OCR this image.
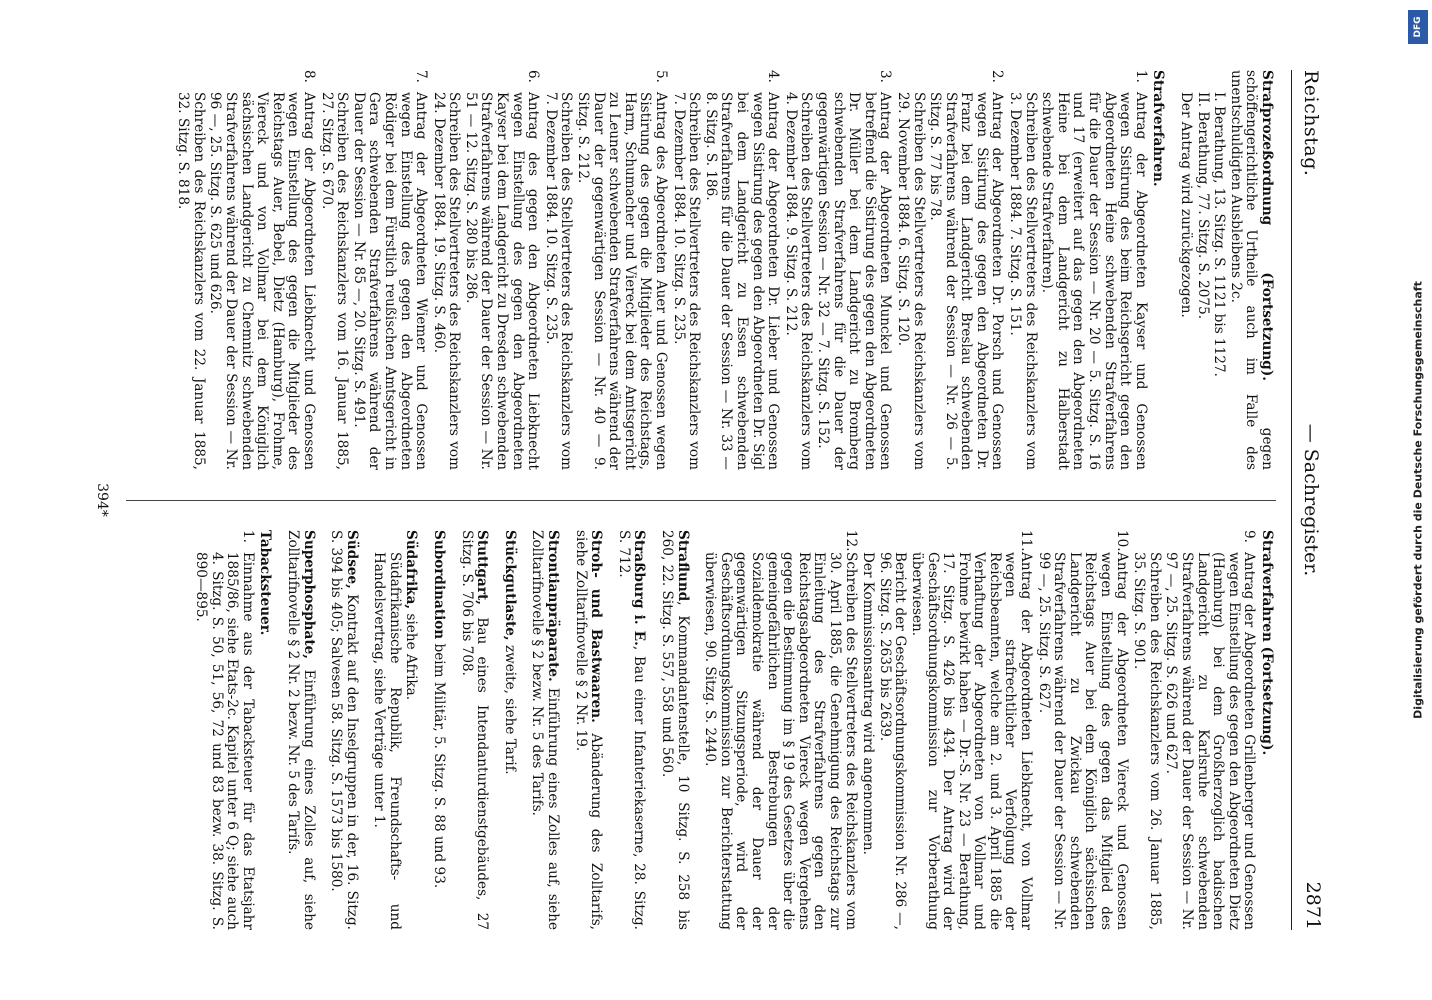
Reichstag.
— Sachregister.
2871
Strafprozeßordnung (Fortsetzung). gegen schöffengerichtliche Urtheile auch im Falle des unentschuldigten Ausbleibens 2c.
I. Berathung, 13. Sitzg. S. 1121 bis 1127.
II. Berathung, 77. Sitzg. S. 2075.
Der Antrag wird zurückgezogen.
Strafverfahren.
1.Antrag der Abgeordneten Kayser und Genossen wegen Sistirung des beim Reichsgericht gegen den Abgeordneten Heine schwebenden Strafverfahrens für die Dauer der Session — Nr. 20 — 5. Sitzg. S. 16 und 17 (erweitert auf das gegen den Abgeordneten Heine bei dem Landgericht zu Halberstadt schwebende Strafverfahren).
Schreiben des Stellvertreters des Reichskanzlers vom 3. Dezember 1884. 7. Sitzg. S. 151.
2.Antrag der Abgeordneten Dr. Porsch und Genossen wegen Sistirung des gegen den Abgeordneten Dr. Franz bei dem Landgericht Breslau schwebenden Strafverfahrens während der Session — Nr. 26 — 5. Sitzg. S. 77 bis 78.
Schreiben des Stellvertreters des Reichskanzlers vom 29. November 1884. 6. Sitzg. S. 120.
3.Antrag der Abgeordneten Munckel und Genossen betreffend die Sistirung des gegen den Abgeordneten Dr. Müller bei dem Landgericht zu Bromberg schwebenden Strafverfahrens für die Dauer der gegenwärtigen Session — Nr. 32 — 7. Sitzg. S. 152.
Schreiben des Stellvertreters des Reichskanzlers vom 4. Dezember 1884. 9. Sitzg. S. 212.
4.Antrag der Abgeordneten Dr. Lieber und Genossen wegen Sistirung des gegen den Abgeordneten Dr. Sigl bei dem Landgericht zu Essen schwebenden Strafverfahrens für die Dauer der Session — Nr. 33 — 8. Sitzg. S. 186.
Schreiben des Stellvertreters des Reichskanzlers vom 7. Dezember 1884. 10. Sitzg. S. 235.
5.Antrag des Abgeordneten Auer und Genossen wegen Sistirung des gegen die Mitglieder des Reichstags, Harm, Schumacher und Viereck bei dem Amtsgericht zu Leuner schwebenden Strafverfahrens während der Dauer der gegenwärtigen Session — Nr. 40 — 9. Sitzg. S. 212.
Schreiben des Stellvertreters des Reichskanzlers vom 7. Dezember 1884. 10. Sitzg. S. 235.
6.Antrag des gegen den Abgeordneten Liebknecht wegen Einstellung des gegen den Abgeordneten Kayser bei dem Landgericht zu Dresden schwebenden Strafverfahrens während der Dauer der Session — Nr. 51 — 12. Sitzg. S. 280 bis 286.
Schreiben des Stellvertreters des Reichskanzlers vom 24. Dezember 1884. 19. Sitzg. S. 460.
7.Antrag der Abgeordneten Wiemer und Genossen wegen Einstellung des gegen den Abgeordneten Rödiger bei dem Fürstlich reußischen Amtsgericht in Gera schwebenden Strafverfahrens während der Dauer der Session — Nr. 85 —, 20. Sitzg. S. 491.
Schreiben des Reichskanzlers vom 16. Januar 1885, 27. Sitzg. S. 670.
8.Antrag der Abgeordneten Liebknecht und Genossen wegen Einstellung des gegen die Mitglieder des Reichstags Auer, Bebel, Dietz (Hamburg), Frohme, Viereck und von Vollmar bei dem Königlich sächsischen Landgericht zu Chemnitz schwebenden Strafverfahrens während der Dauer der Session — Nr. 96 —, 25. Sitzg. S. 625 und 626.
Schreiben des Reichskanzlers vom 22. Januar 1885, 32. Sitzg. S. 818.
Strafverfahren (Fortsetzung).
9.Antrag der Abgeordneten Grillenberger und Genossen wegen Einstellung des gegen den Abgeordneten Dietz (Hamburg) bei dem Großherzoglich badischen Landgericht zu Karlsruhe schwebenden Strafverfahrens während der Dauer der Session — Nr. 97 —, 25. Sitzg. S. 626 und 627.
Schreiben des Reichskanzlers vom 26. Januar 1885, 35. Sitzg. S. 901.
10.Antrag der Abgeordneten Viereck und Genossen wegen Einstellung des gegen das Mitglied des Reichstags Auer bei dem Königlich sächsischen Landgericht zu Zwickau schwebenden Strafverfahrens während der Dauer der Session — Nr. 99 —, 25. Sitzg. S. 627.
11.Antrag der Abgeordneten Liebknecht, von Vollmar wegen strafrechtlicher Verfolgung der Reichsbeamten, welche am 2. und 3. April 1885 die Verhaftung der Abgeordneten von Vollmar und Frohme bewirkt haben — Dr.-S. Nr. 23 — Berathung, 17. Sitzg. S. 426 bis 434. Der Antrag wird der Geschäftsordnungskommission zur Vorberathung überwiesen.
Bericht der Geschäftsordnungskommission Nr. 286 —, 96. Sitzg. S. 2635 bis 2639.
Der Kommissionsantrag wird angenommen.
12.Schreiben des Stellvertreters des Reichskanzlers vom 30. April 1885, die Genehmigung des Reichstags zur Einleitung des Strafverfahrens gegen den Reichstagsabgeordneten Viereck wegen Vergehens gegen die Bestimmung im § 19 des Gesetzes über die gemeingefährlichen Bestrebungen der Sozialdemokratie während der Dauer der gegenwärtigen Sitzungsperiode, wird der Geschäftsordnungskommission zur Berichterstattung überwiesen, 90. Sitzg. S. 2440.
Straflund, Kommandantenstelle, 10 Sitzg. S. 258 bis 260, 22. Sitzg. S. 557, 558 und 560.
Straßburg i. E., Bau einer Infanteriekaserne, 28. Sitzg. S. 712.
Stroh- und Bastwaaren. Abänderung des Zolltarifs, siehe Zolltarifnovelle § 2 Nr. 19.
Strontianpräparate. Einführung eines Zolles auf, siehe Zolltarifnovelle § 2 bezw. Nr. 5 des Tarifs.
Stückgutlaste, zweite, siehe Tarif.
Stuttgart, Bau eines Intendanturdienstgebäudes, 27 Sitzg. S. 706 bis 708.
Subordination beim Militär, 5. Sitzg. S. 88 und 93.
Südafrika, siehe Afrika.
Südafrikanische Republik, Freundschafts- und Handelsvertrag, siehe Verträge unter 1.
Südsee, Kontrakt auf den Inselgruppen in der, 16. Sitzg. S. 394 bis 405; Salvesen 58. Sitzg. S. 1573 bis 1580.
Superphosphate, Einführung eines Zolles auf, siehe Zolltarifnovelle § 2 Nr. 2 bezw. Nr. 5 des Tarifs.
Tabacksteuer.
1.Einnahme aus der Tabacksteuer für das Etatsjahr 1885/86, siehe Etats-2c. Kapitel unter 6 Q; siehe auch 4. Sitzg. S. 50, 51, 56, 72 und 83 bezw. 38. Sitzg. S. 890—895.
394*
DFG
Digitalisierung gefördert durch die Deutsche Forschungsgemeinschaft
